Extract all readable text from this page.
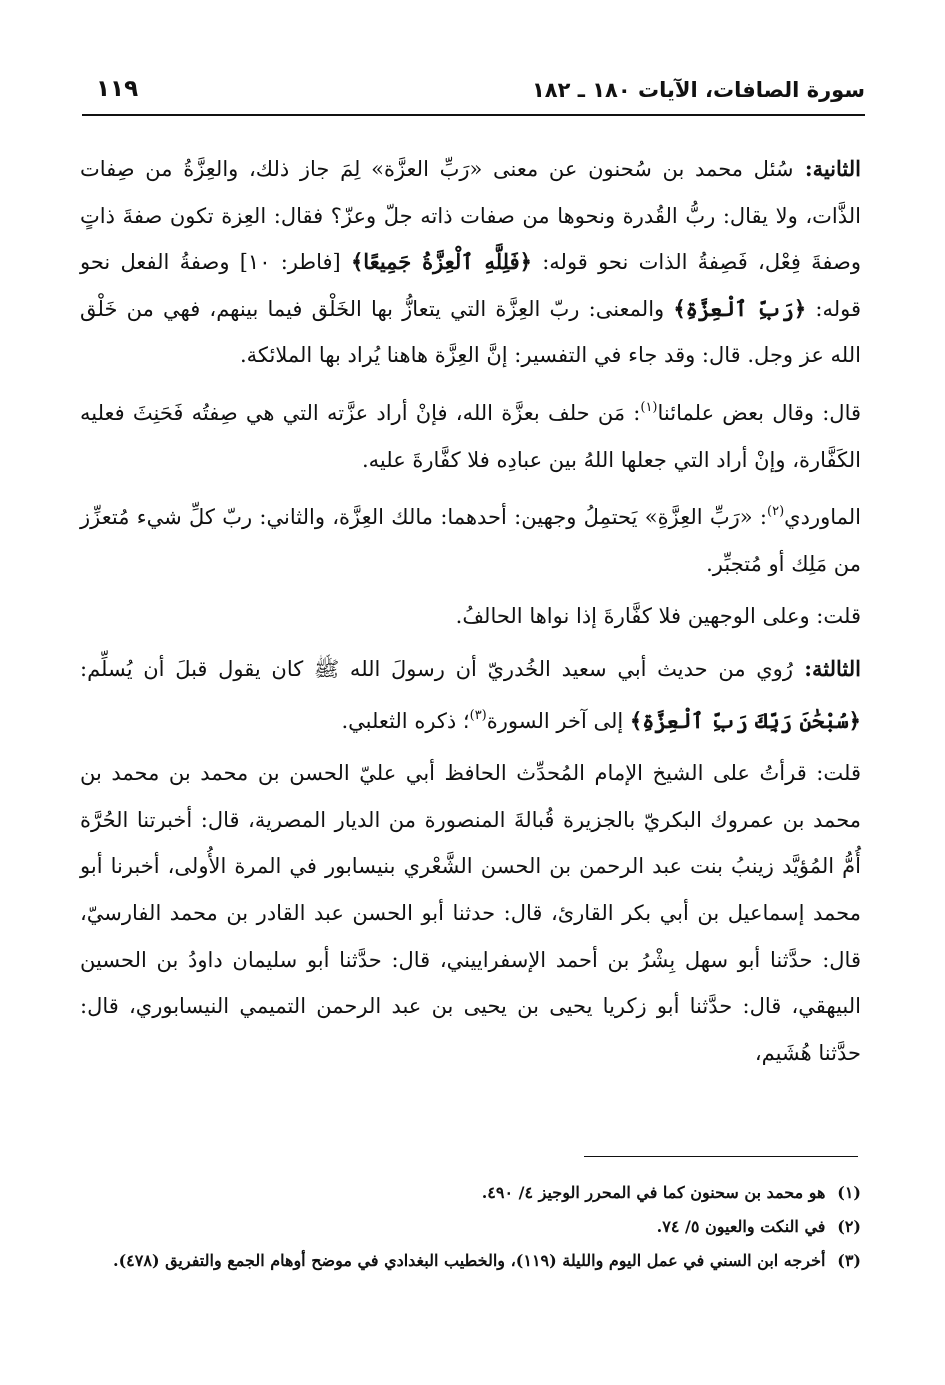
سورة الصافات، الآيات ١٨٠ ـ ١٨٢
١١٩

الثانية: سُئل محمد بن سُحنون عن معنى «رَبِّ العزَّة» لِمَ جاز ذلك، والعِزَّةُ من صِفات الذَّات، ولا يقال: ربُّ القُدرة ونحوها من صفات ذاته جلّ وعزّ؟ فقال: العِزة تكون صفةَ ذاتٍ وصفةَ فِعْل، فَصِفةُ الذات نحو قوله: ﴿فَلِلَّهِ ٱلْعِزَّةُ جَمِيعًا﴾ [فاطر: ١٠] وصفةُ الفعل نحو قوله: ﴿رَبِّ ٱلْعِزَّةِ﴾ والمعنى: ربّ العِزَّة التي يتعازُّ بها الخَلْق فيما بينهم، فهي من خَلْق الله عز وجل. قال: وقد جاء في التفسير: إنَّ العِزَّة هاهنا يُراد بها الملائكة.

قال: وقال بعض علمائنا$^{(١)}$: مَن حلف بعزَّة الله، فإنْ أراد عزَّته التي هي صِفتُه فَحَنِثَ فعليه الكَفَّارة، وإنْ أراد التي جعلها اللهُ بين عبادِه فلا كفَّارةَ عليه.

الماوردي$^{(٢)}$: «رَبِّ العِزَّةِ» يَحتمِلُ وجهين: أحدهما: مالك العِزَّة، والثاني: ربّ كلِّ شيء مُتعزِّز من مَلِك أو مُتجبِّر.

قلت: وعلى الوجهين فلا كفَّارةَ إذا نواها الحالفُ.

الثالثة: رُوي من حديث أبي سعيد الخُدريّ أن رسولَ الله ﷺ كان يقول قبلَ أن يُسلِّم: ﴿سُبْحَٰنَ رَبِّكَ رَبِّ ٱلْعِزَّةِ﴾ إلى آخر السورة$^{(٣)}$؛ ذكره الثعلبي.

قلت: قرأتُ على الشيخ الإمام المُحدِّث الحافظ أبي عليّ الحسن بن محمد بن محمد بن محمد بن عمروك البكريّ بالجزيرة قُبالةَ المنصورة من الديار المصرية، قال: أخبرتنا الحُرَّة أُمُّ المُؤيَّد زينبُ بنت عبد الرحمن بن الحسن الشَّعْري بنيسابور في المرة الأُولى، أخبرنا أبو محمد إسماعيل بن أبي بكر القارئ، قال: حدثنا أبو الحسن عبد القادر بن محمد الفارسيّ، قال: حدَّثنا أبو سهل بِشْرُ بن أحمد الإسفراييني، قال: حدَّثنا أبو سليمان داودُ بن الحسين البيهقي، قال: حدَّثنا أبو زكريا يحيى بن يحيى بن عبد الرحمن التميمي النيسابوري، قال: حدَّثنا هُشَيم،

(١) هو محمد بن سحنون كما في المحرر الوجيز ٤/ ٤٩٠.

(٢) في النكت والعيون ٥/ ٧٤.

(٣) أخرجه ابن السني في عمل اليوم والليلة (١١٩)، والخطيب البغدادي في موضح أوهام الجمع والتفريق (٤٧٨).
